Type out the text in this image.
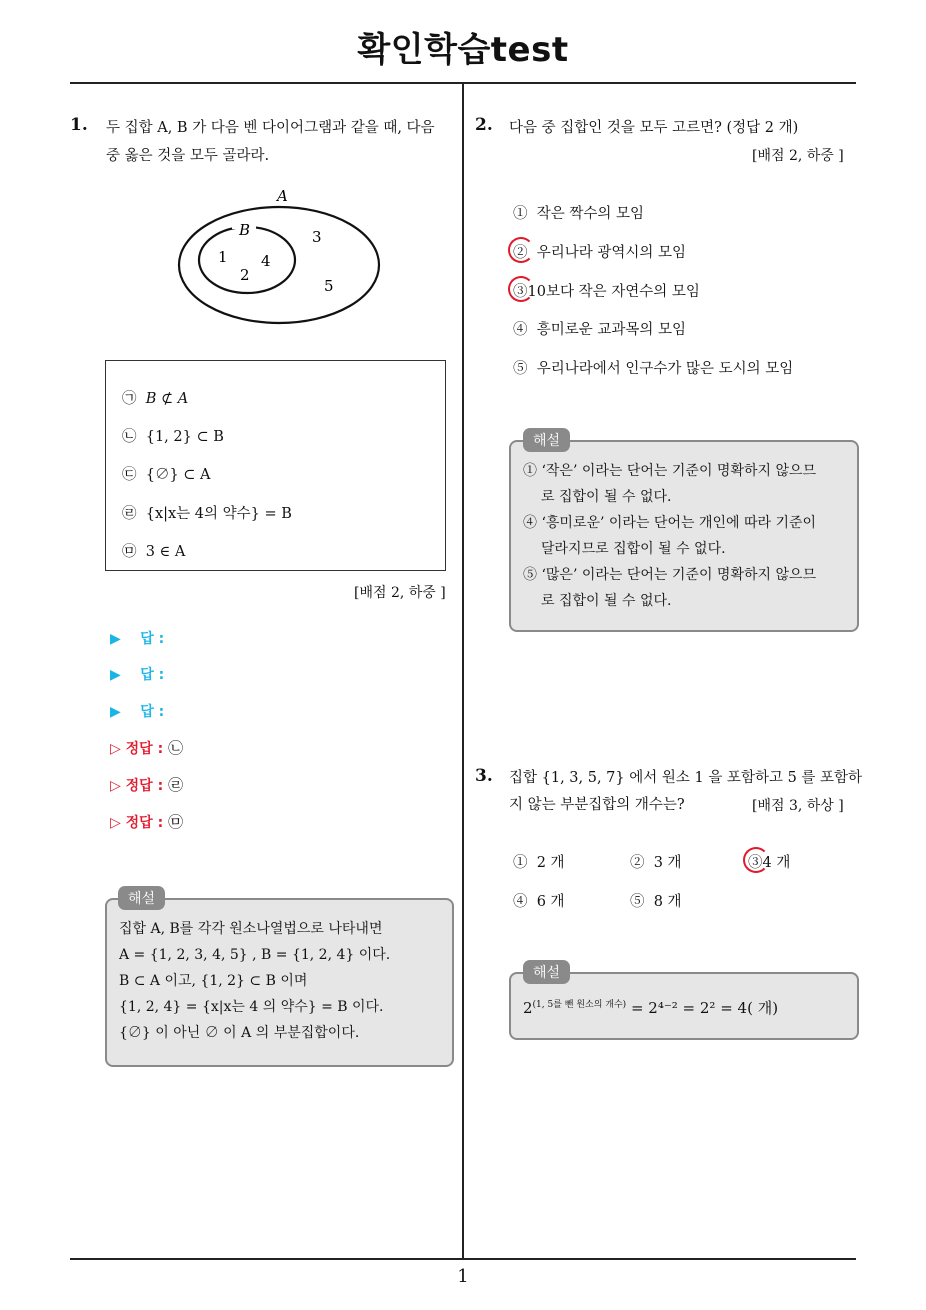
확인학습test
1
1. 두 집합 A, B 가 다음 벤 다이어그램과 같을 때, 다음
중 옳은 것을 모두 골라라.
A
B
1
2
4
3
5
㉠ B ⊄ A
㉡ {1, 2} ⊂ B
㉢ {∅} ⊂ A
㉣ {x|x는 4의 약수} = B
㉤ 3 ∈ A
[배점 2, 하중 ]
▶ 답 :
▶ 답 :
▶ 답 :
▷ 정답 : ㉡
▷ 정답 : ㉣
▷ 정답 : ㉤
집합 A, B를 각각 원소나열법으로 나타내면
A = {1, 2, 3, 4, 5} , B = {1, 2, 4} 이다.
B ⊂ A 이고, {1, 2} ⊂ B 이며
{1, 2, 4} = {x|x는 4 의 약수} = B 이다.
{∅} 이 아닌 ∅ 이 A 의 부분집합이다.
해설
2. 다음 중 집합인 것을 모두 고르면? (정답 2 개)
[배점 2, 하중 ]
① 작은 짝수의 모임
② 우리나라 광역시의 모임
③10보다 작은 자연수의 모임
④ 흥미로운 교과목의 모임
⑤ 우리나라에서 인구수가 많은 도시의 모임
① ‘작은’ 이라는 단어는 기준이 명확하지 않으므
로 집합이 될 수 없다.
④ ‘흥미로운’ 이라는 단어는 개인에 따라 기준이
달라지므로 집합이 될 수 없다.
⑤ ‘많은’ 이라는 단어는 기준이 명확하지 않으므
로 집합이 될 수 없다.
해설
3. 집합 {1, 3, 5, 7} 에서 원소 1 을 포함하고 5 를 포함하
지 않는 부분집합의 개수는?	[배점 3, 하상 ]
① 2 개	② 3 개	③4 개
④ 6 개	⑤ 8 개
$2^{(1, 5를 뺀 원소의 개수)} = 2^{4-2} = 2^2 = 4$( 개)
해설
